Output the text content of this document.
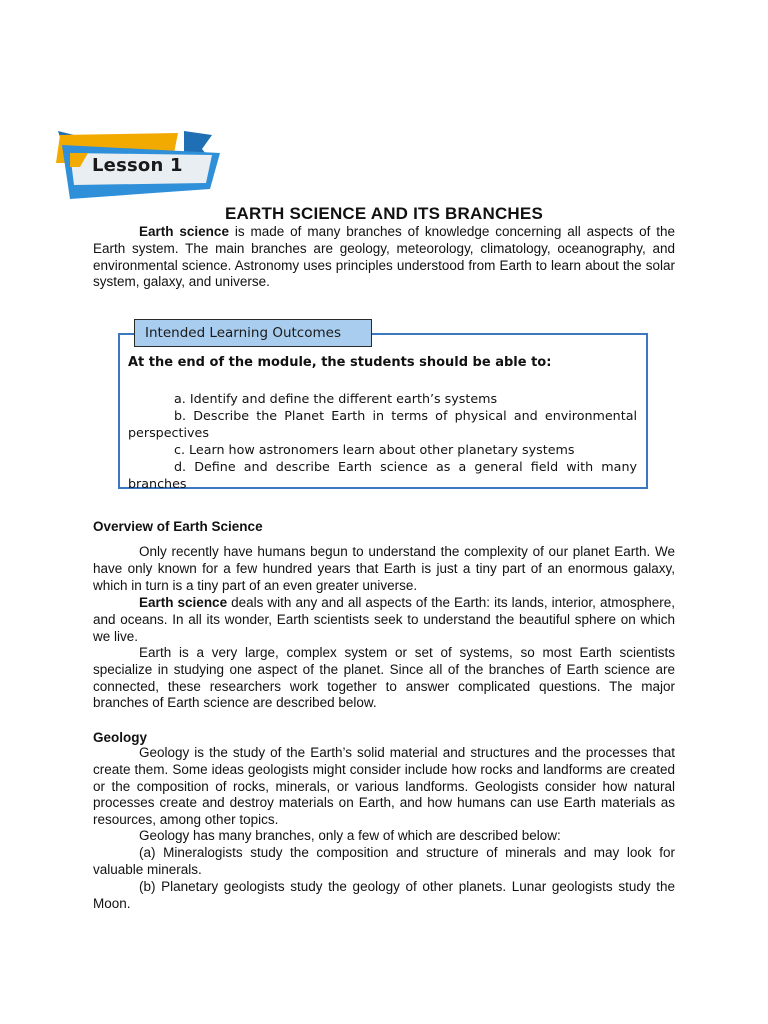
Lesson 1
EARTH SCIENCE AND ITS BRANCHES

Earth science is made of many branches of knowledge concerning all aspects of the Earth system. The main branches are geology, meteorology, climatology, oceanography, and environmental science. Astronomy uses principles understood from Earth to learn about the solar system, galaxy, and universe.

Intended Learning Outcomes
At the end of the module, the students should be able to:
a. Identify and define the different earth’s systems
b. Describe the Planet Earth in terms of physical and environmental perspectives
c. Learn how astronomers learn about other planetary systems
d. Define and describe Earth science as a general field with many branches
Overview of Earth Science

Only recently have humans begun to understand the complexity of our planet Earth. We have only known for a few hundred years that Earth is just a tiny part of an enormous galaxy, which in turn is a tiny part of an even greater universe.

Earth science deals with any and all aspects of the Earth: its lands, interior, atmosphere, and oceans. In all its wonder, Earth scientists seek to understand the beautiful sphere on which we live.

Earth is a very large, complex system or set of systems, so most Earth scientists specialize in studying one aspect of the planet. Since all of the branches of Earth science are connected, these researchers work together to answer complicated questions. The major branches of Earth science are described below.

Geology

Geology is the study of the Earth’s solid material and structures and the processes that create them. Some ideas geologists might consider include how rocks and landforms are created or the composition of rocks, minerals, or various landforms. Geologists consider how natural processes create and destroy materials on Earth, and how humans can use Earth materials as resources, among other topics.

Geology has many branches, only a few of which are described below:

(a) Mineralogists study the composition and structure of minerals and may look for valuable minerals.

(b) Planetary geologists study the geology of other planets. Lunar geologists study the Moon.
